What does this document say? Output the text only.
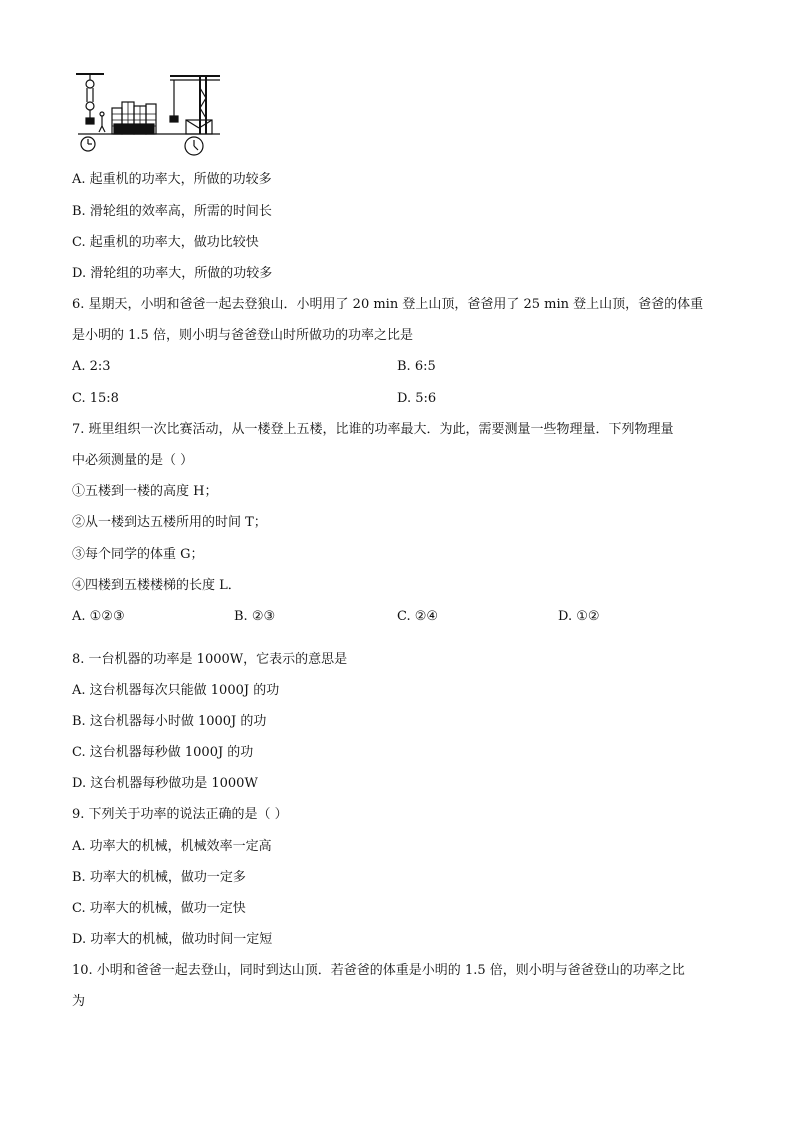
A. 起重机的功率大，所做的功较多
B. 滑轮组的效率高，所需的时间长
C. 起重机的功率大，做功比较快
D. 滑轮组的功率大，所做的功较多
6. 星期天，小明和爸爸一起去登狼山．小明用了 20 min 登上山顶，爸爸用了 25 min 登上山顶，爸爸的体重
是小明的 1.5 倍，则小明与爸爸登山时所做功的功率之比是
A. 2:3	B. 6:5
C. 15:8	D. 5:6
7. 班里组织一次比赛活动，从一楼登上五楼，比谁的功率最大．为此，需要测量一些物理量．下列物理量
中必须测量的是（ ）
①五楼到一楼的高度 H；
②从一楼到达五楼所用的时间 T；
③每个同学的体重 G；
④四楼到五楼楼梯的长度 L．
A. ①②③	B. ②③	C. ②④	D. ①②
8. 一台机器的功率是 1000W，它表示的意思是
A. 这台机器每次只能做 1000J 的功
B. 这台机器每小时做 1000J 的功
C. 这台机器每秒做 1000J 的功
D. 这台机器每秒做功是 1000W
9. 下列关于功率的说法正确的是（ ）
A. 功率大的机械，机械效率一定高
B. 功率大的机械，做功一定多
C. 功率大的机械，做功一定快
D. 功率大的机械，做功时间一定短
10. 小明和爸爸一起去登山，同时到达山顶．若爸爸的体重是小明的 1.5 倍，则小明与爸爸登山的功率之比
为
